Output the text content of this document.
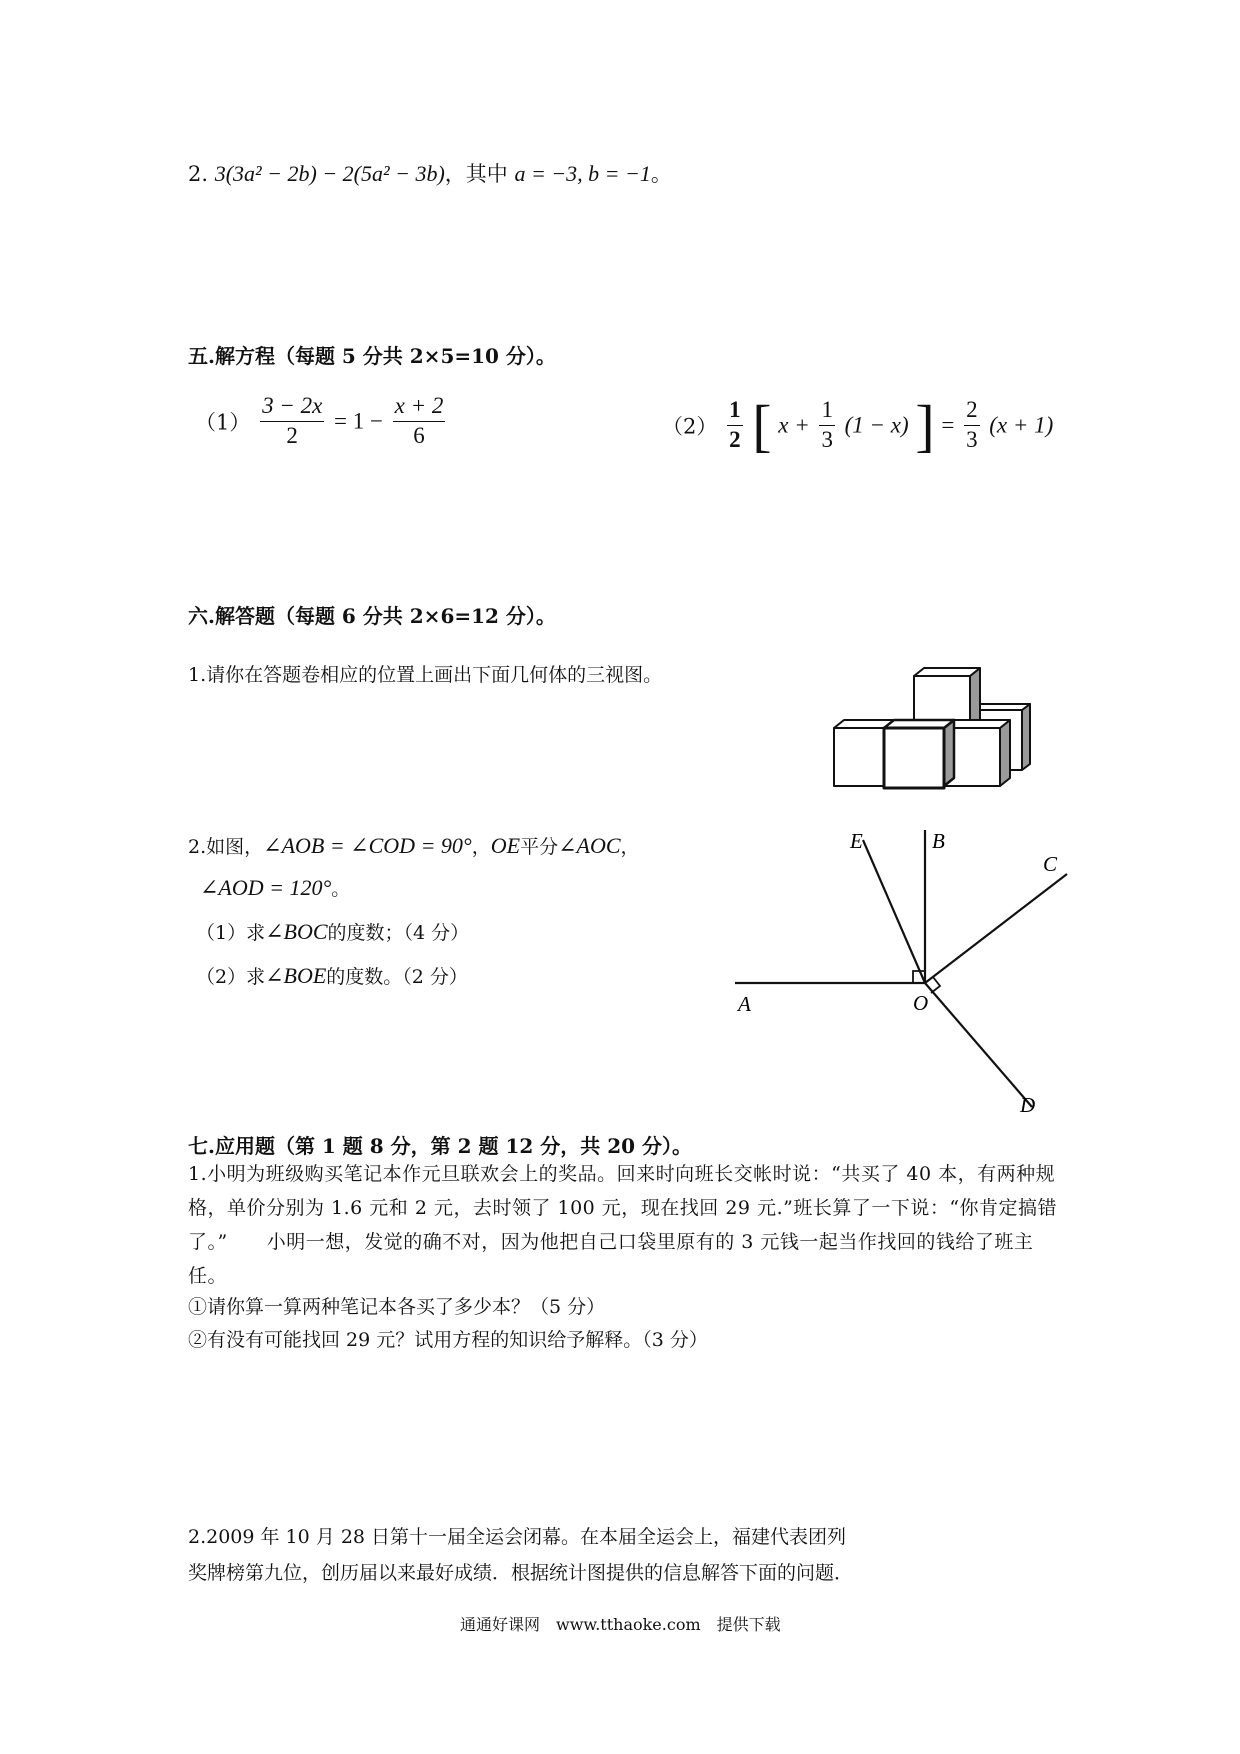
2. 3(3a² − 2b) − 2(5a² − 3b)，其中 a = −3, b = −1。
五.解方程（每题 5 分共 2×5=10 分）。
$(1) \frac{3 - 2x}{2} = 1 - \frac{x + 2}{6}$	$(2) \frac{1}{2}$ [ $x + \frac{1}{3} (1 - x)$ ] = $\frac{2}{3} (x + 1)$
六.解答题（每题 6 分共 2×6=12 分）。
1.请你在答题卷相应的位置上画出下面几何体的三视图。
2.如图，∠AOB = ∠COD = 90°，OE平分∠AOC，
∠AOD = 120°。
（1）求∠BOC的度数；（4 分）
（2）求∠BOE的度数。（2 分）
A
B
C
D
E
O
七.应用题（第 1 题 8 分，第 2 题 12 分，共 20 分）。
1.小明为班级购买笔记本作元旦联欢会上的奖品。回来时向班长交帐时说：“共买了 40 本，有两种规格，单价分别为 1.6 元和 2 元，去时领了 100 元，现在找回 29 元.”班长算了一下说：“你肯定搞错了。”　　小明一想，发觉的确不对，因为他把自己口袋里原有的 3 元钱一起当作找回的钱给了班主任。
①请你算一算两种笔记本各买了多少本？（5 分）
②有没有可能找回 29 元？试用方程的知识给予解释。（3 分）
2.2009 年 10 月 28 日第十一届全运会闭幕。在本届全运会上，福建代表团列
奖牌榜第九位，创历届以来最好成绩．根据统计图提供的信息解答下面的问题．
通通好课网　www.tthaoke.com　提供下载
